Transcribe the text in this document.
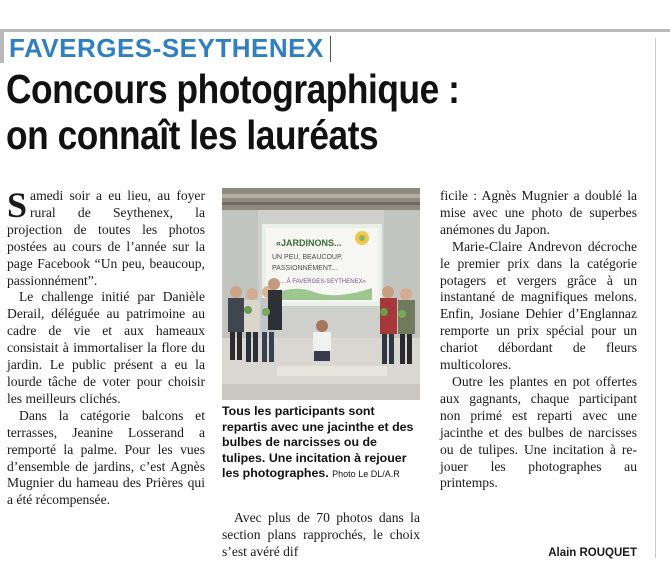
FAVERGES-SEYTHENEX
Concours photographique :
on connaît les lauréats

Samedi soir a eu lieu, au foyer rural de Seythenex, la projection de toutes les photos postées au cours de l’année sur la page Facebook “Un peu, beaucoup, passionnément”.

Le challenge initié par Danièle Derail, déléguée au patrimoine au cadre de vie et aux hameaux consistait à immortaliser la flore du jardin. Le public présent a eu la lourde tâche de voter pour choisir les meilleurs clichés.

Dans la catégorie balcons et terrasses, Jeanine Losserand a remporté la palme. Pour les vues d’ensemble de jardins, c’est Agnès Mugnier du hameau des Prières qui a été récompensée.

«JARDINONS...
UN PEU, BEAUCOUP,
PASSIONNÉMENT...
... À FAVERGES-SEYTHENEX»
Tous les participants sont repartis avec une jacinthe et des bulbes de narcisses ou de tulipes. Une incitation à rejouer les photographes. Photo Le DL/A.R

Avec plus de 70 photos dans la section plans rapprochés, le choix s’est avéré dif

ficile : Agnès Mugnier a doublé la mise avec une photo de superbes anémones du Japon.

Marie-Claire Andrevon décroche le premier prix dans la catégorie potagers et vergers grâce à un instantané de magnifiques melons. Enfin, Josiane Dehier d’Englannaz remporte un prix spécial pour un chariot débordant de fleurs multicolores.

Outre les plantes en pot offertes aux gagnants, chaque participant non primé est reparti avec une jacinthe et des bulbes de narcisses ou de tulipes. Une incitation à rejouer les photographes au printemps.

Alain ROUQUET
